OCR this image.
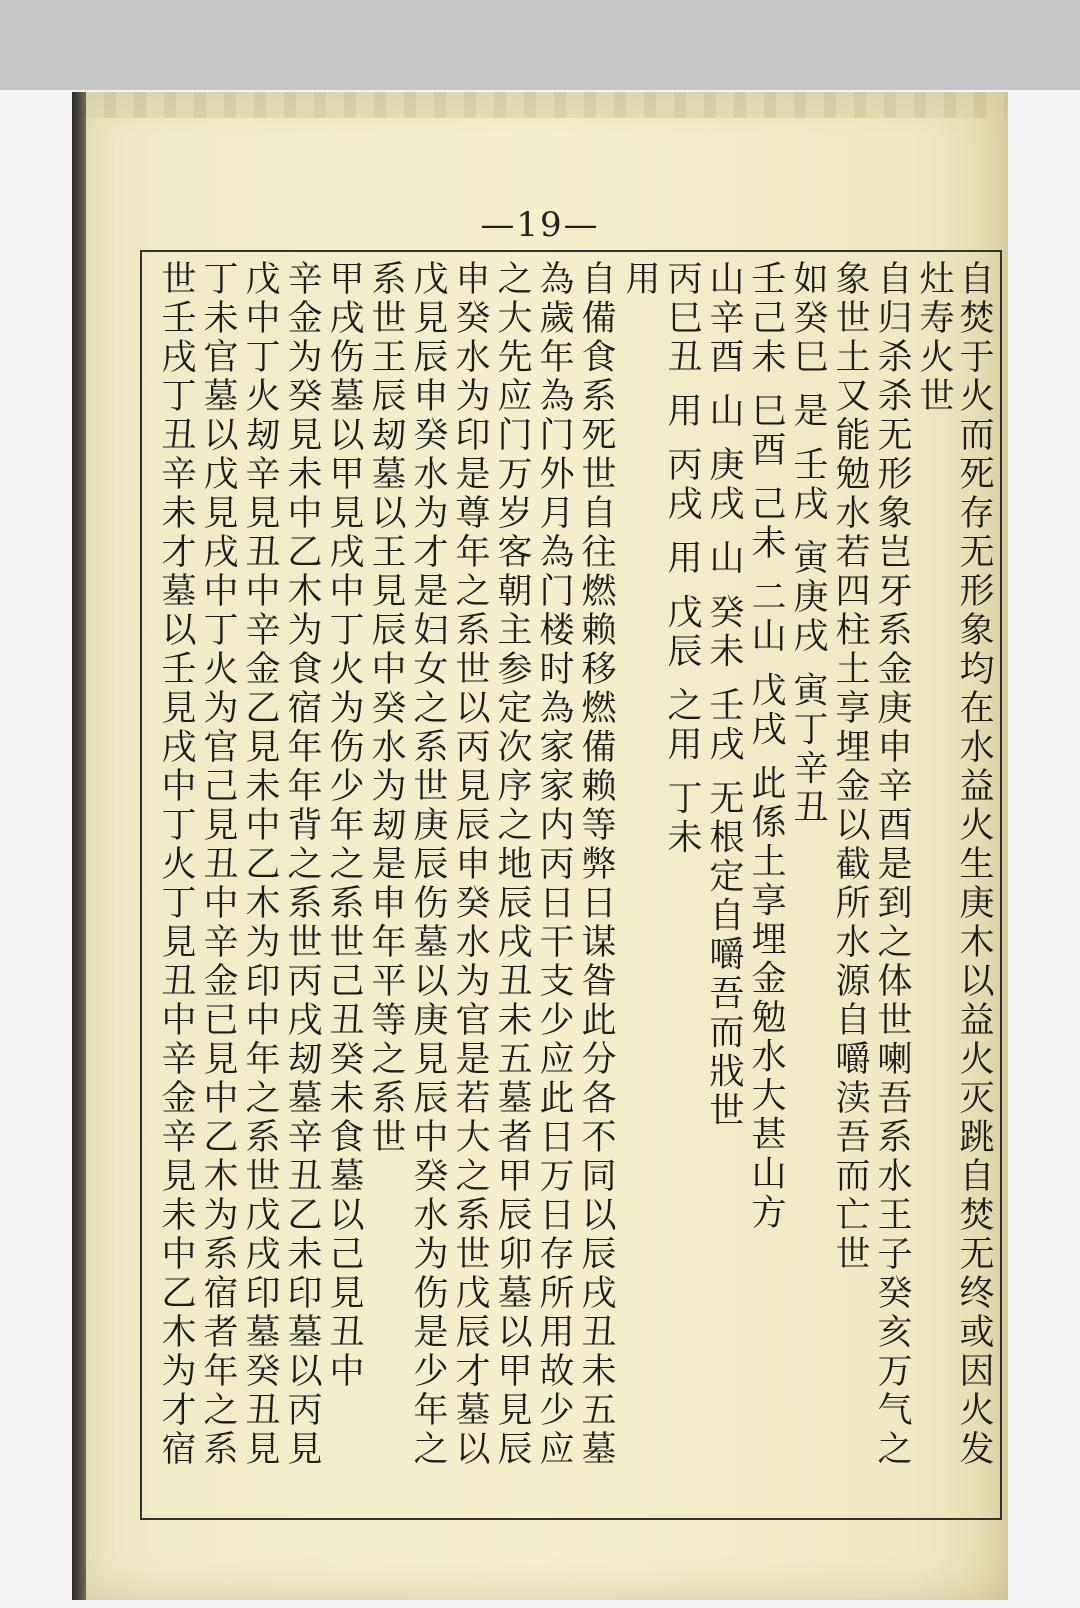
—19—
自焚于火而死存无形象均在水益火生庚木以益火灭跳自焚无终或因火发
灶寿火世
自归杀杀无形象岂牙系金庚申辛酉是到之体世喇吾系水王子癸亥万气之
象世土又能勉水若四柱土享埋金以截所水源自嚼渎吾而亡世
如癸巳 是 壬戌 寅庚戌 寅丁辛丑
壬己未 巳酉 己未 二山 戊戌 此係土享埋金勉水大甚山方
山辛酉 山 庚戌 山 癸未 壬戌 无根定自嚼吾而戕世
丙巳丑 用 丙戌 用 戊辰 之用 丁未
用
自備食系死世自往燃赖移燃備赖等弊日谋昝此分各不同以辰戌丑未五墓
為歲年為门外月為门楼时為家家内丙日干支少应此日万日存所用故少应
之大先应门万岁客朝主参定次序之地辰戌丑未五墓者甲辰卯墓以甲見辰
申癸水为印是尊年之系世以丙見辰申癸水为官是若大之系世戊辰才墓以
戊見辰申癸水为才是妇女之系世庚辰伤墓以庚見辰中癸水为伤是少年之
系世王辰刼墓以王見辰中癸水为刼是申年平等之系世
甲戌伤墓以甲見戌中丁火为伤少年之系世己丑癸未食墓以己見丑中
辛金为癸見未中乙木为食宿年年背之系世丙戌刼墓辛丑乙未印墓以丙見
戊中丁火刼辛見丑中辛金乙見未中乙木为印中年之系世戊戌印墓癸丑見
丁未官墓以戊見戌中丁火为官己見丑中辛金已見中乙木为系宿者年之系
世壬戌丁丑辛未才墓以壬見戌中丁火丁見丑中辛金辛見未中乙木为才宿
